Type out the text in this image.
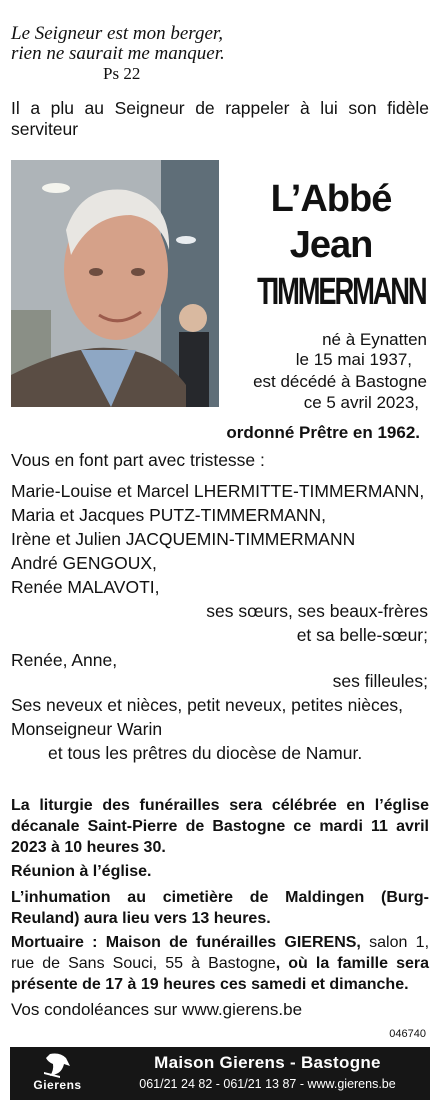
Le Seigneur est mon berger,
rien ne saurait me manquer.
Ps 22
Il a plu au Seigneur de rappeler à lui son fidèle serviteur
L’Abbé
Jean
TIMMERMANN
né à Eynatten
le 15 mai 1937,
est décédé à Bastogne
ce 5 avril 2023,
ordonné Prêtre en 1962.
Vous en font part avec tristesse :
Marie-Louise et Marcel LHERMITTE-TIMMERMANN,
Maria et Jacques PUTZ-TIMMERMANN,
Irène et Julien JACQUEMIN-TIMMERMANN
André GENGOUX,
Renée MALAVOTI,
ses sœurs, ses beaux-frères
et sa belle-sœur;
Renée, Anne,
ses filleules;
Ses neveux et nièces, petit neveux, petites nièces,
Monseigneur Warin
et tous les prêtres du diocèse de Namur.
La liturgie des funérailles sera célébrée en l’église décanale Saint-Pierre de Bastogne ce mardi 11 avril 2023 à 10 heures 30.
Réunion à l’église.
L’inhumation au cimetière de Maldingen (Burg-Reuland) aura lieu vers 13 heures.
Mortuaire : Maison de funérailles GIERENS, salon 1, rue de Sans Souci, 55 à Bastogne, où la famille sera présente de 17 à 19 heures ces samedi et dimanche.
Vos condoléances sur www.gierens.be
046740
Gierens
Maison Gierens - Bastogne
061/21 24 82 - 061/21 13 87 - www.gierens.be
